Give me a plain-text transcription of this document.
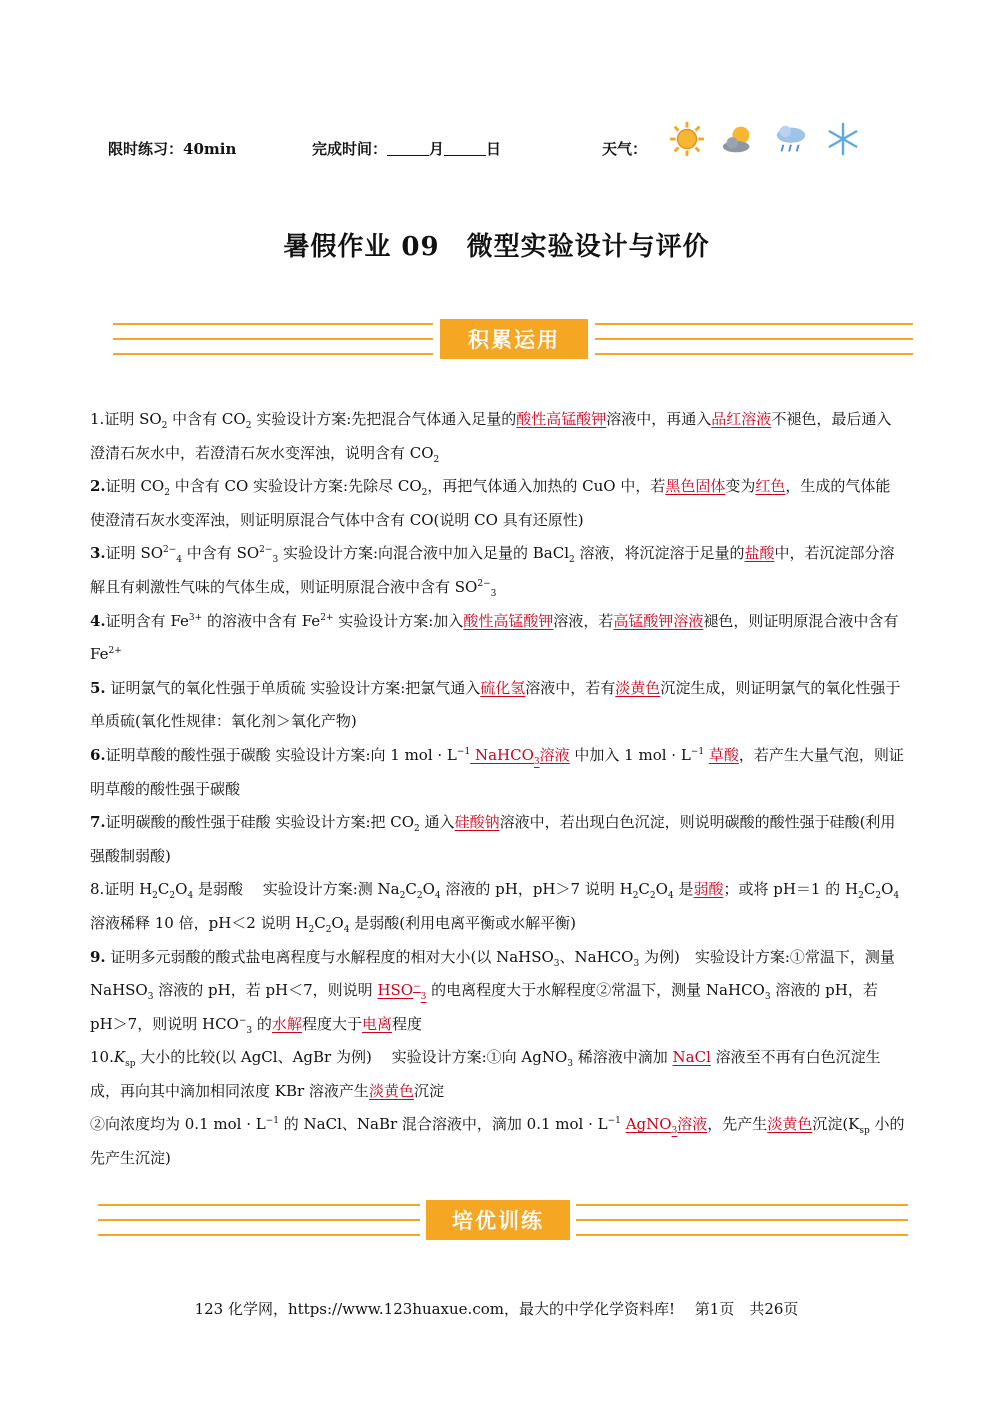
限时练习：40min	完成时间：	月	日	天气：
暑假作业 09　微型实验设计与评价
积累运用

1.证明 $SO_2$ 中含有 $CO_2$ 实验设计方案:先把混合气体通入足量的酸性高锰酸钾溶液中，再通入品红溶液不褪色，最后通入澄清石灰水中，若澄清石灰水变浑浊，说明含有 $CO_2$

2.证明 $CO_2$ 中含有 CO 实验设计方案:先除尽 $CO_2$，再把气体通入加热的 CuO 中，若黑色固体变为红色，生成的气体能使澄清石灰水变浑浊，则证明原混合气体中含有 CO(说明 CO 具有还原性)

3.证明 $SO^{2-}_4$ 中含有 $SO^{2-}_3$ 实验设计方案:向混合液中加入足量的 BaCl$_2$ 溶液，将沉淀溶于足量的盐酸中，若沉淀部分溶解且有刺激性气味的气体生成，则证明原混合液中含有 $SO^{2-}_3$

4.证明含有 $Fe^{3+}$ 的溶液中含有 $Fe^{2+}$ 实验设计方案:加入酸性高锰酸钾溶液，若高锰酸钾溶液褪色，则证明原混合液中含有 $Fe^{2+}$

5. 证明氯气的氧化性强于单质硫 实验设计方案:把氯气通入硫化氢溶液中，若有淡黄色沉淀生成，则证明氯气的氧化性强于单质硫(氧化性规律：氧化剂＞氧化产物)

6.证明草酸的酸性强于碳酸 实验设计方案:向 1 mol · $L^{-1}$ NaHCO$_3$溶液 中加入 1 mol · $L^{-1}$ 草酸，若产生大量气泡，则证明草酸的酸性强于碳酸

7.证明碳酸的酸性强于硅酸 实验设计方案:把 $CO_2$ 通入硅酸钠溶液中，若出现白色沉淀，则说明碳酸的酸性强于硅酸(利用强酸制弱酸)

8.证明 $H_2C_2O_4$ 是弱酸　 实验设计方案:测 $Na_2C_2O_4$ 溶液的 pH，pH＞7 说明 $H_2C_2O_4$ 是弱酸；或将 pH＝1 的 $H_2C_2O_4$ 溶液稀释 10 倍，pH＜2 说明 $H_2C_2O_4$ 是弱酸(利用电离平衡或水解平衡)

9. 证明多元弱酸的酸式盐电离程度与水解程度的相对大小(以 NaHSO$_3$、NaHCO$_3$ 为例)　实验设计方案:①常温下，测量 NaHSO$_3$ 溶液的 pH，若 pH＜7，则说明 $HSO^-_3$ 的电离程度大于水解程度②常温下，测量 NaHCO$_3$ 溶液的 pH，若 pH＞7，则说明 $HCO^-_3$ 的水解程度大于电离程度

$10.K_{sp}$ 大小的比较(以 AgCl、AgBr 为例)　 实验设计方案:①向 AgNO$_3$ 稀溶液中滴加 NaCl 溶液至不再有白色沉淀生成，再向其中滴加相同浓度 KBr 溶液产生淡黄色沉淀

②向浓度均为 0.1 mol · $L^{-1}$ 的 NaCl、NaBr 混合溶液中，滴加 0.1 mol · $L^{-1}$ AgNO$_3$溶液，先产生淡黄色沉淀($K_{sp}$ 小的先产生沉淀)

培优训练
123 化学网，https://www.123huaxue.com，最大的中学化学资料库!　 第1页　共26页
